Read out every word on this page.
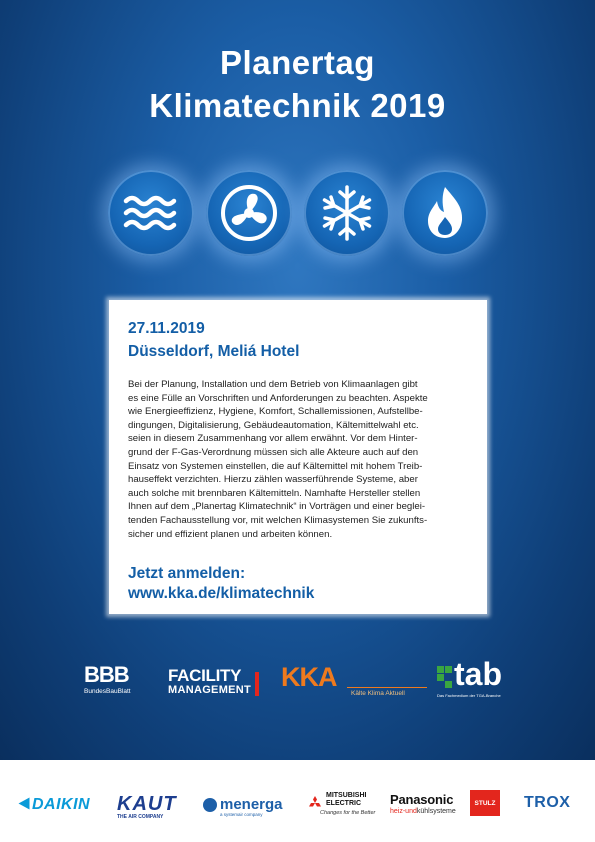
Planertag
Klimatechnik 2019
27.11.2019
Düsseldorf, Meliá Hotel
Bei der Planung, Installation und dem Betrieb von Klimaanlagen gibt
es eine Fülle an Vorschriften und Anforderungen zu beachten. Aspekte
wie Energieeffizienz, Hygiene, Komfort, Schallemissionen, Aufstellbe-
dingungen, Digitalisierung, Gebäudeautomation, Kältemittelwahl etc.
seien in diesem Zusammenhang vor allem erwähnt. Vor dem Hinter-
grund der F-Gas-Verordnung müssen sich alle Akteure auch auf den
Einsatz von Systemen einstellen, die auf Kältemittel mit hohem Treib-
hauseffekt verzichten. Hierzu zählen wasserführende Systeme, aber
auch solche mit brennbaren Kältemitteln. Namhafte Hersteller stellen
Ihnen auf dem „Planertag Klimatechnik“ in Vorträgen und einer beglei-
tenden Fachausstellung vor, mit welchen Klimasystemen Sie zukunfts-
sicher und effizient planen und arbeiten können.
Jetzt anmelden:
www.kka.de/klimatechnik
BBB
BundesBauBlatt
FACILITY
MANAGEMENT KKA
Kälte Klima Aktuell
tab
Das Fachmedium der TGA-Branche
DAIKIN KAUT
THE AIR COMPANY
menerga
a systemair company
MITSUBISHI
ELECTRIC
Changes for the Better
Panasonic
heiz-undkühlsysteme
STULZ TROX
